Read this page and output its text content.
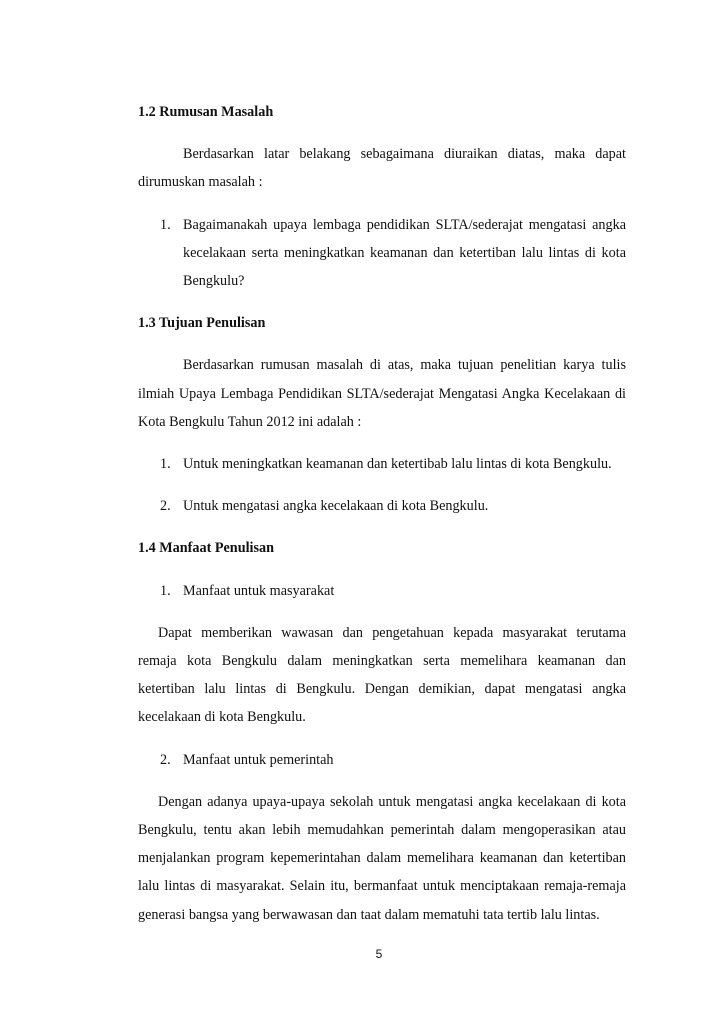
1.2 Rumusan Masalah

Berdasarkan latar belakang sebagaimana diuraikan diatas, maka dapat dirumuskan masalah :

1. Bagaimanakah upaya lembaga pendidikan SLTA/sederajat mengatasi angka kecelakaan serta meningkatkan keamanan dan ketertiban lalu lintas di kota Bengkulu?
1.3 Tujuan Penulisan

Berdasarkan rumusan masalah di atas, maka tujuan penelitian karya tulis ilmiah Upaya Lembaga Pendidikan SLTA/sederajat Mengatasi Angka Kecelakaan di Kota Bengkulu Tahun 2012 ini adalah :

1. Untuk meningkatkan keamanan dan ketertibab lalu lintas di kota Bengkulu.
2. Untuk mengatasi angka kecelakaan di kota Bengkulu.
1.4 Manfaat Penulisan
1. Manfaat untuk masyarakat

Dapat memberikan wawasan dan pengetahuan kepada masyarakat terutama remaja kota Bengkulu dalam meningkatkan serta memelihara keamanan dan ketertiban lalu lintas di Bengkulu. Dengan demikian, dapat mengatasi angka kecelakaan di kota Bengkulu.

2. Manfaat untuk pemerintah

Dengan adanya upaya-upaya sekolah untuk mengatasi angka kecelakaan di kota Bengkulu, tentu akan lebih memudahkan pemerintah dalam mengoperasikan atau menjalankan program kepemerintahan dalam memelihara keamanan dan ketertiban lalu lintas di masyarakat. Selain itu, bermanfaat untuk menciptakaan remaja-remaja generasi bangsa yang berwawasan dan taat dalam mematuhi tata tertib lalu lintas.

5
